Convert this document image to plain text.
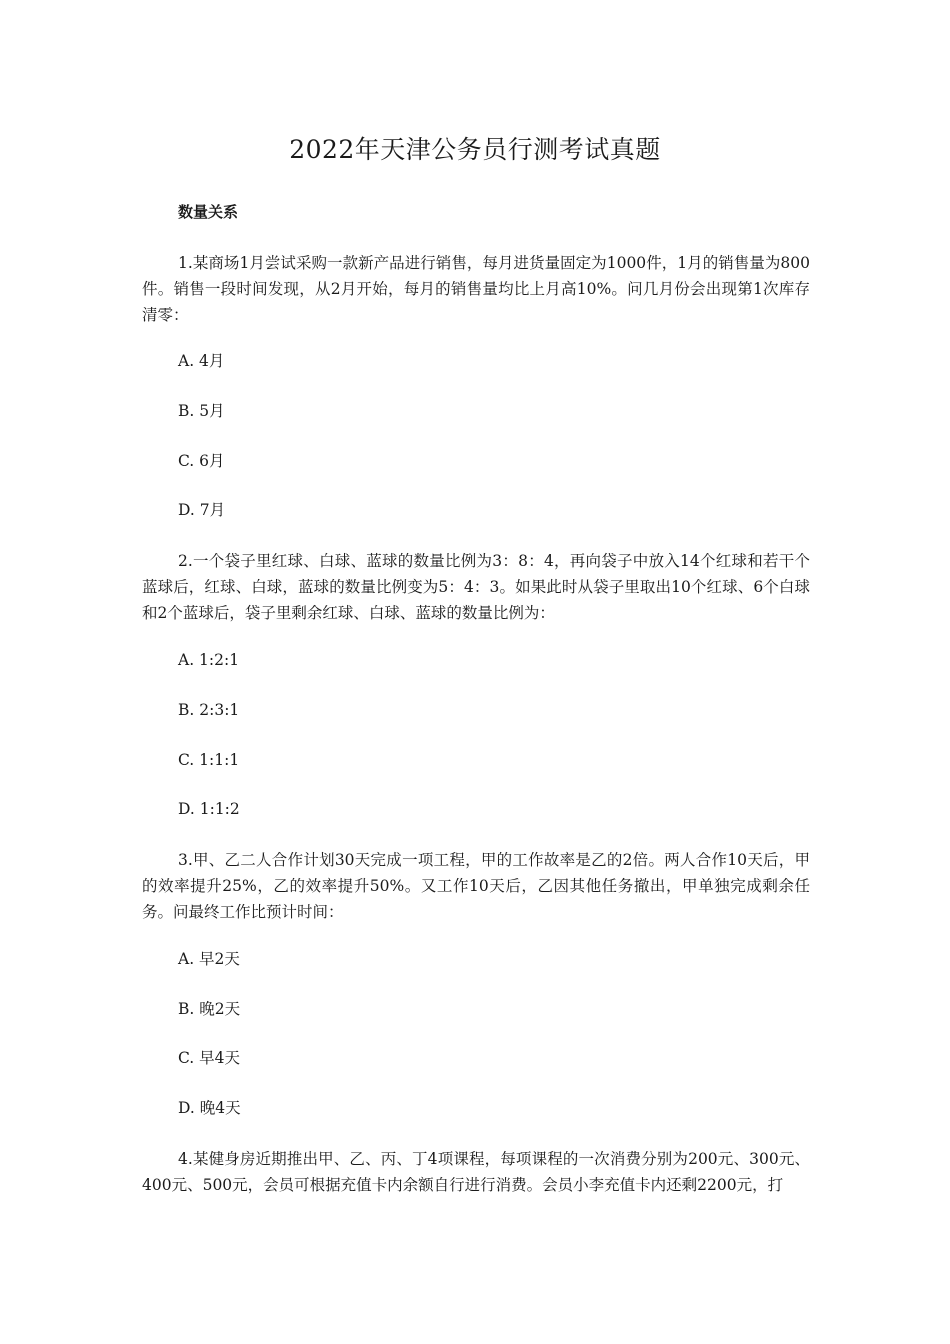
2022年天津公务员行测考试真题
数量关系

1.某商场1月尝试采购一款新产品进行销售，每月进货量固定为1000件，1月的销售量为800件。销售一段时间发现，从2月开始，每月的销售量均比上月高10%。问几月份会出现第1次库存清零：

A. 4月
B. 5月
C. 6月
D. 7月

2.一个袋子里红球、白球、蓝球的数量比例为3：8：4，再向袋子中放入14个红球和若干个蓝球后，红球、白球，蓝球的数量比例变为5：4：3。如果此时从袋子里取出10个红球、6个白球和2个蓝球后，袋子里剩余红球、白球、蓝球的数量比例为：

A. 1:2:1
B. 2:3:1
C. 1:1:1
D. 1:1:2

3.甲、乙二人合作计划30天完成一项工程，甲的工作故率是乙的2倍。两人合作10天后，甲的效率提升25%，乙的效率提升50%。又工作10天后，乙因其他任务撤出，甲单独完成剩余任务。问最终工作比预计时间：

A. 早2天
B. 晚2天
C. 早4天
D. 晚4天

4.某健身房近期推出甲、乙、丙、丁4项课程，每项课程的一次消费分别为200元、300元、400元、500元，会员可根据充值卡内余额自行进行消费。会员小李充值卡内还剩2200元，打
